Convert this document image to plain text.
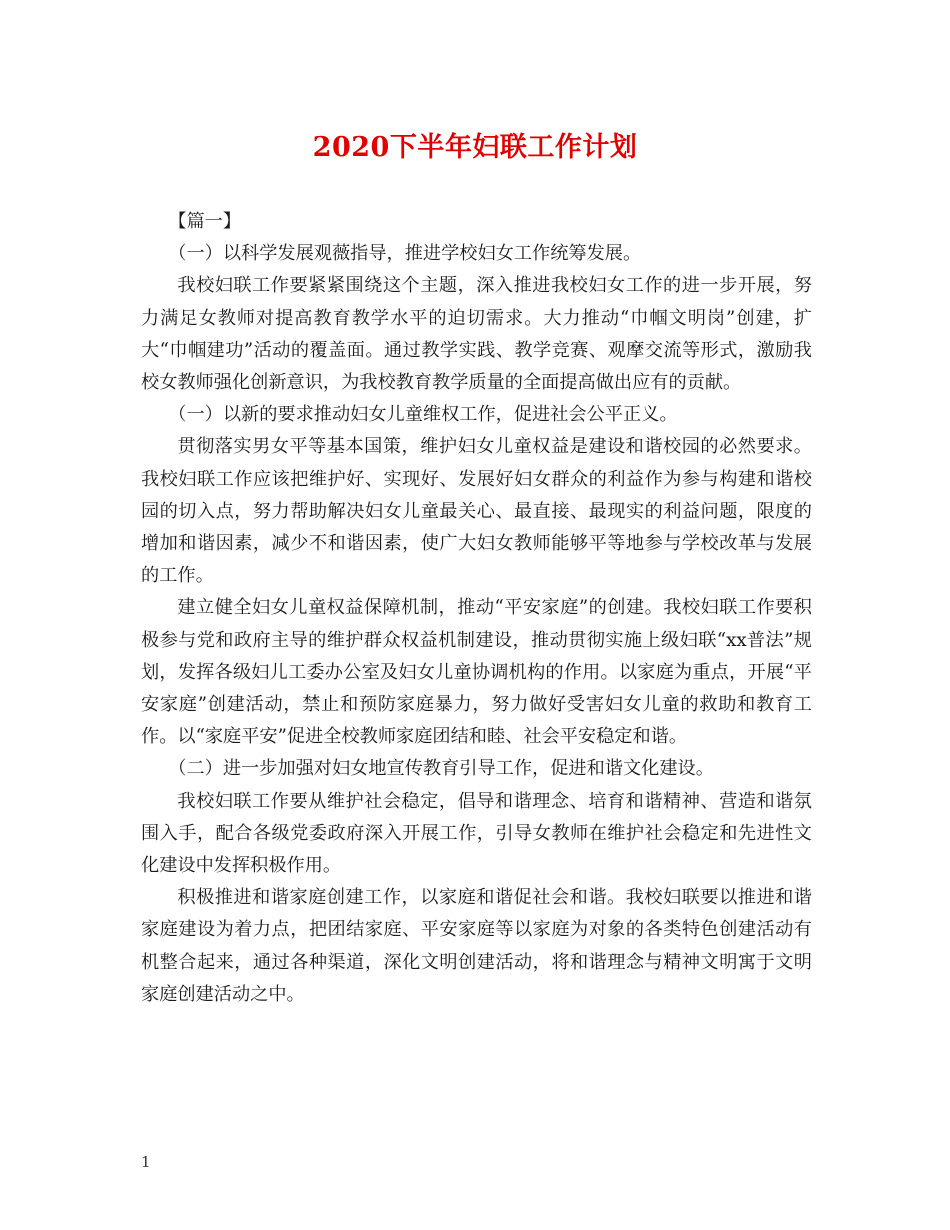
2020下半年妇联工作计划

【篇一】

（一）以科学发展观薇指导，推进学校妇女工作统筹发展。

我校妇联工作要紧紧围绕这个主题，深入推进我校妇女工作的进一步开展，努力满足女教师对提高教育教学水平的迫切需求。大力推动“巾帼文明岗”创建，扩大“巾帼建功”活动的覆盖面。通过教学实践、教学竞赛、观摩交流等形式，激励我校女教师强化创新意识，为我校教育教学质量的全面提高做出应有的贡献。

（一）以新的要求推动妇女儿童维权工作，促进社会公平正义。

贯彻落实男女平等基本国策，维护妇女儿童权益是建设和谐校园的必然要求。我校妇联工作应该把维护好、实现好、发展好妇女群众的利益作为参与构建和谐校园的切入点，努力帮助解决妇女儿童最关心、最直接、最现实的利益问题，限度的增加和谐因素，减少不和谐因素，使广大妇女教师能够平等地参与学校改革与发展的工作。

建立健全妇女儿童权益保障机制，推动“平安家庭”的创建。我校妇联工作要积极参与党和政府主导的维护群众权益机制建设，推动贯彻实施上级妇联“xx普法”规划，发挥各级妇儿工委办公室及妇女儿童协调机构的作用。以家庭为重点，开展“平安家庭”创建活动，禁止和预防家庭暴力，努力做好受害妇女儿童的救助和教育工作。以“家庭平安”促进全校教师家庭团结和睦、社会平安稳定和谐。

（二）进一步加强对妇女地宣传教育引导工作，促进和谐文化建设。

我校妇联工作要从维护社会稳定，倡导和谐理念、培育和谐精神、营造和谐氛围入手，配合各级党委政府深入开展工作，引导女教师在维护社会稳定和先进性文化建设中发挥积极作用。

积极推进和谐家庭创建工作，以家庭和谐促社会和谐。我校妇联要以推进和谐家庭建设为着力点，把团结家庭、平安家庭等以家庭为对象的各类特色创建活动有机整合起来，通过各种渠道，深化文明创建活动，将和谐理念与精神文明寓于文明家庭创建活动之中。

1
